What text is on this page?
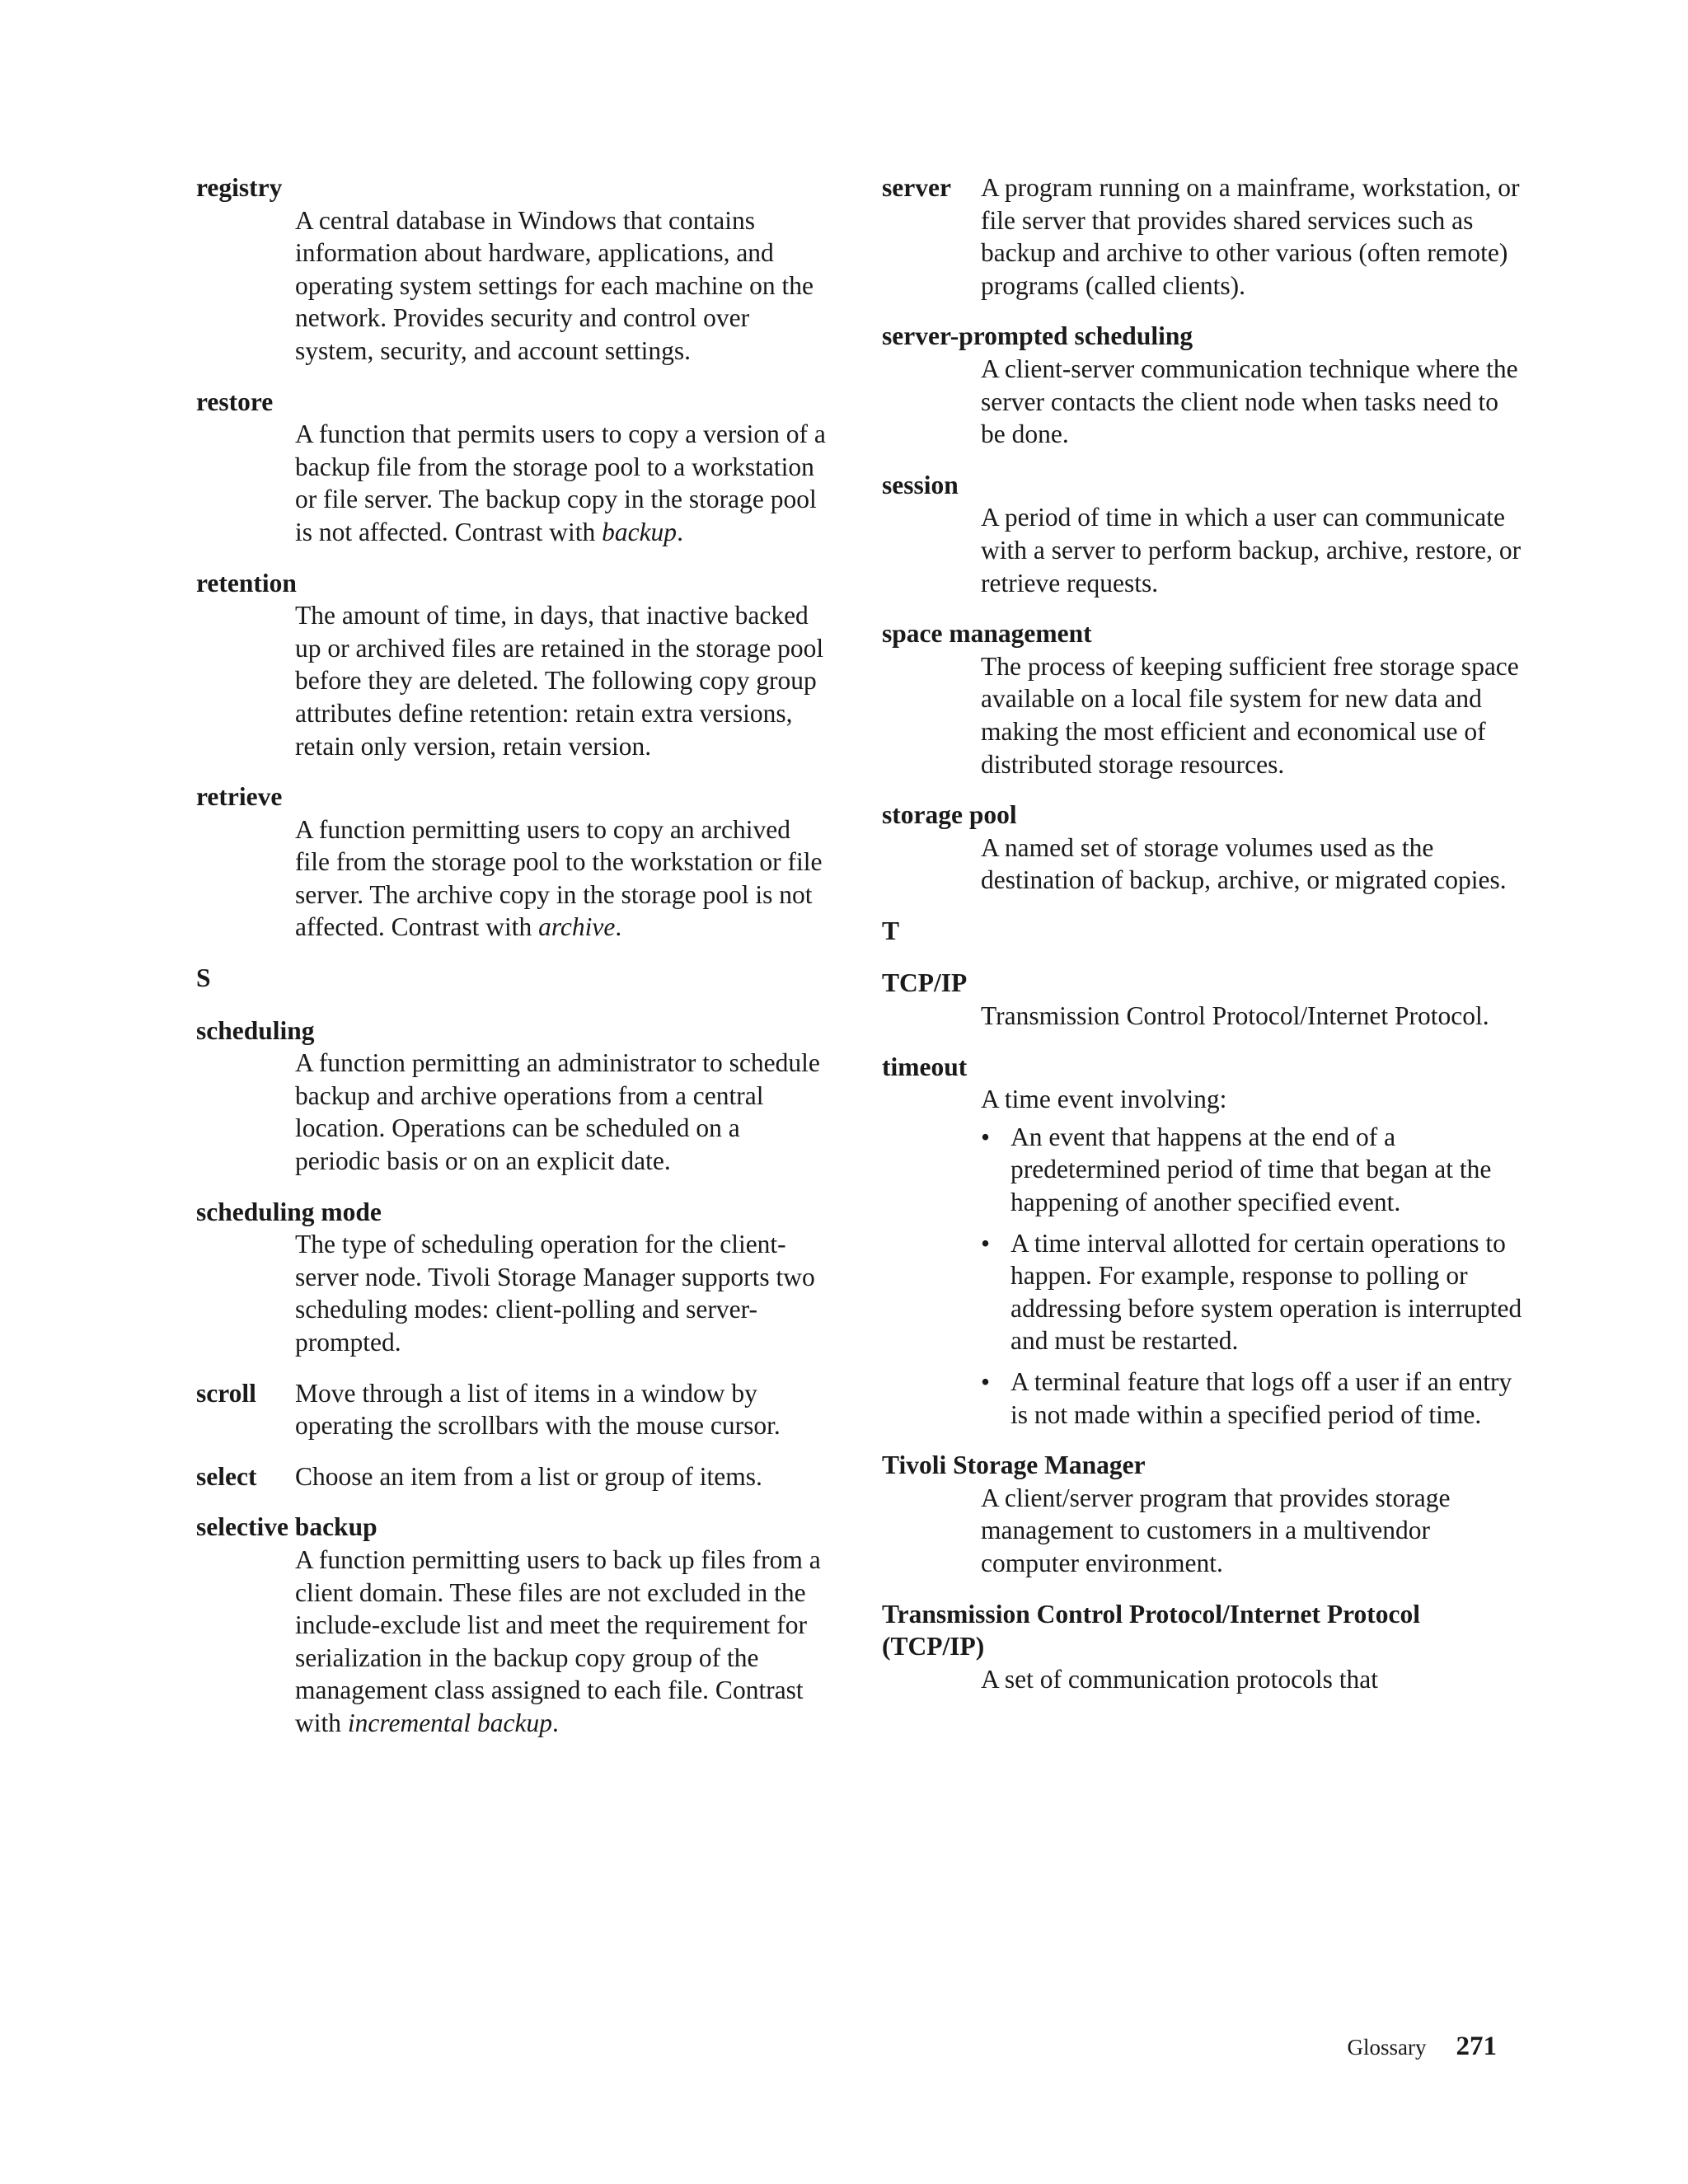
registry
A central database in Windows that contains information about hardware, applications, and operating system settings for each machine on the network. Provides security and control over system, security, and account settings.
restore
A function that permits users to copy a version of a backup file from the storage pool to a workstation or file server. The backup copy in the storage pool is not affected. Contrast with backup.
retention
The amount of time, in days, that inactive backed up or archived files are retained in the storage pool before they are deleted. The following copy group attributes define retention: retain extra versions, retain only version, retain version.
retrieve
A function permitting users to copy an archived file from the storage pool to the workstation or file server. The archive copy in the storage pool is not affected. Contrast with archive.
S
scheduling
A function permitting an administrator to schedule backup and archive operations from a central location. Operations can be scheduled on a periodic basis or on an explicit date.
scheduling mode
The type of scheduling operation for the client-server node. Tivoli Storage Manager supports two scheduling modes: client-polling and server-prompted.
scroll	Move through a list of items in a window by operating the scrollbars with the mouse cursor.
select	Choose an item from a list or group of items.
selective backup
A function permitting users to back up files from a client domain. These files are not excluded in the include-exclude list and meet the requirement for serialization in the backup copy group of the management class assigned to each file. Contrast with incremental backup.
server	A program running on a mainframe, workstation, or file server that provides shared services such as backup and archive to other various (often remote) programs (called clients).
server-prompted scheduling
A client-server communication technique where the server contacts the client node when tasks need to be done.
session
A period of time in which a user can communicate with a server to perform backup, archive, restore, or retrieve requests.
space management
The process of keeping sufficient free storage space available on a local file system for new data and making the most efficient and economical use of distributed storage resources.
storage pool
A named set of storage volumes used as the destination of backup, archive, or migrated copies.
T
TCP/IP
Transmission Control Protocol/Internet Protocol.
timeout

A time event involving:

• An event that happens at the end of a predetermined period of time that began at the happening of another specified event.
• A time interval allotted for certain operations to happen. For example, response to polling or addressing before system operation is interrupted and must be restarted.
• A terminal feature that logs off a user if an entry is not made within a specified period of time.
Tivoli Storage Manager
A client/server program that provides storage management to customers in a multivendor computer environment.
Transmission Control Protocol/Internet Protocol (TCP/IP)
A set of communication protocols that
Glossary 271
